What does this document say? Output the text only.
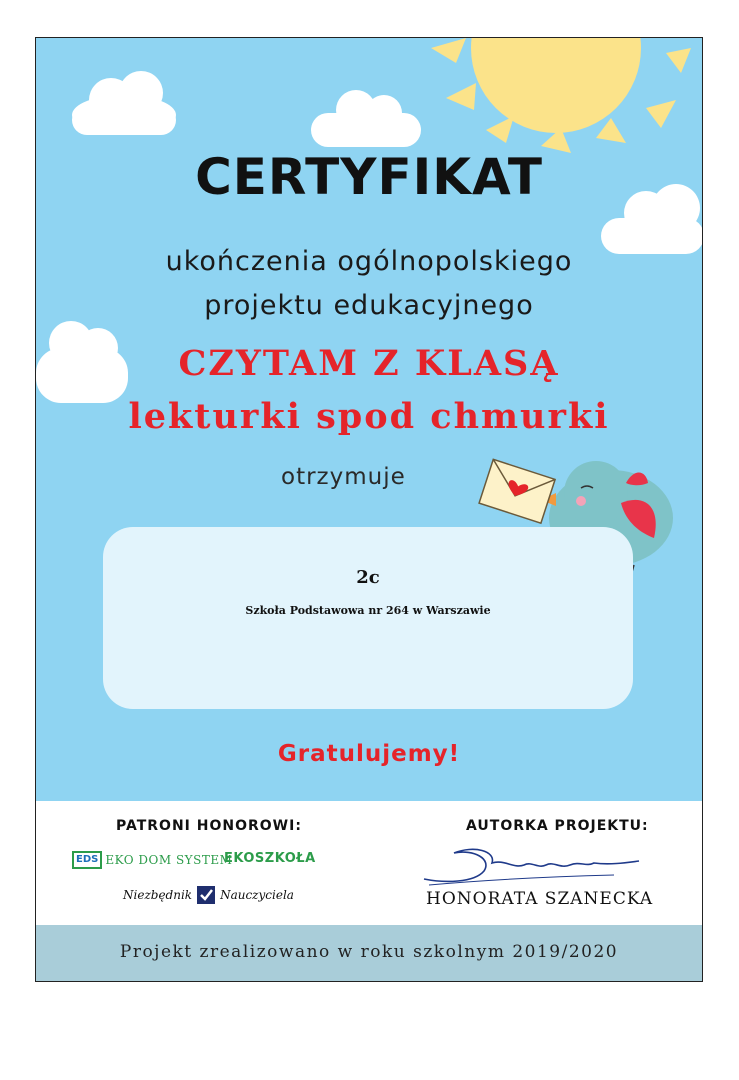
CERTYFIKAT
ukończenia ogólnopolskiego
projektu edukacyjnego
CZYTAM Z KLASĄ
lekturki spod chmurki
otrzymuje
2c
Szkoła Podstawowa nr 264 w Warszawie
Gratulujemy!
PATRONI HONOROWI:	AUTORKA PROJEKTU:
EDS EKO DOM SYSTEM
EKOSZKOŁA
Niezbędnik Nauczyciela	HONORATA SZANECKA
Projekt zrealizowano w roku szkolnym 2019/2020
